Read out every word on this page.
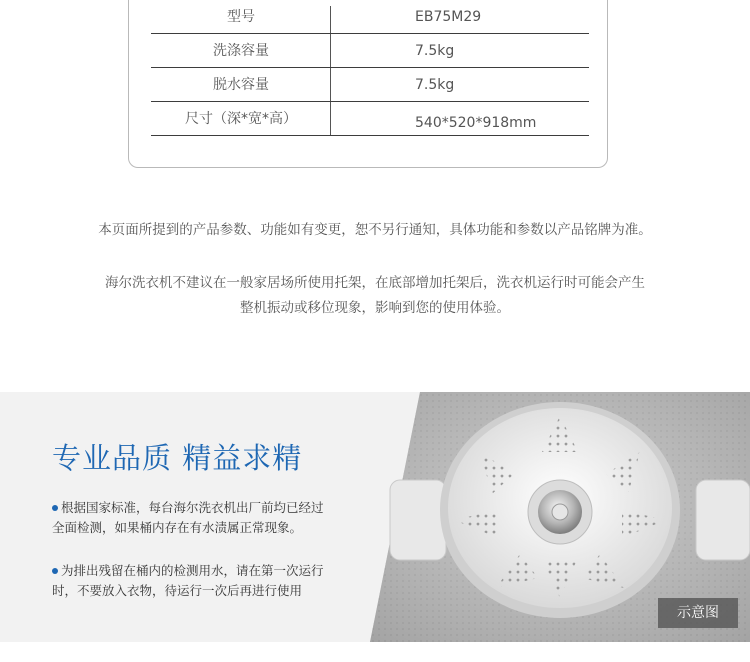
型号	EB75M29
洗涤容量	7.5kg
脱水容量	7.5kg
尺寸（深*宽*高）	540*520*918mm
本页面所提到的产品参数、功能如有变更，恕不另行通知，具体功能和参数以产品铭牌为准。
海尔洗衣机不建议在一般家居场所使用托架，在底部增加托架后，洗衣机运行时可能会产生
整机振动或移位现象，影响到您的使用体验。
专业品质 精益求精
根据国家标准，每台海尔洗衣机出厂前均已经过
全面检测，如果桶内存在有水渍属正常现象。
为排出残留在桶内的检测用水，请在第一次运行
时，不要放入衣物，待运行一次后再进行使用
示意图
